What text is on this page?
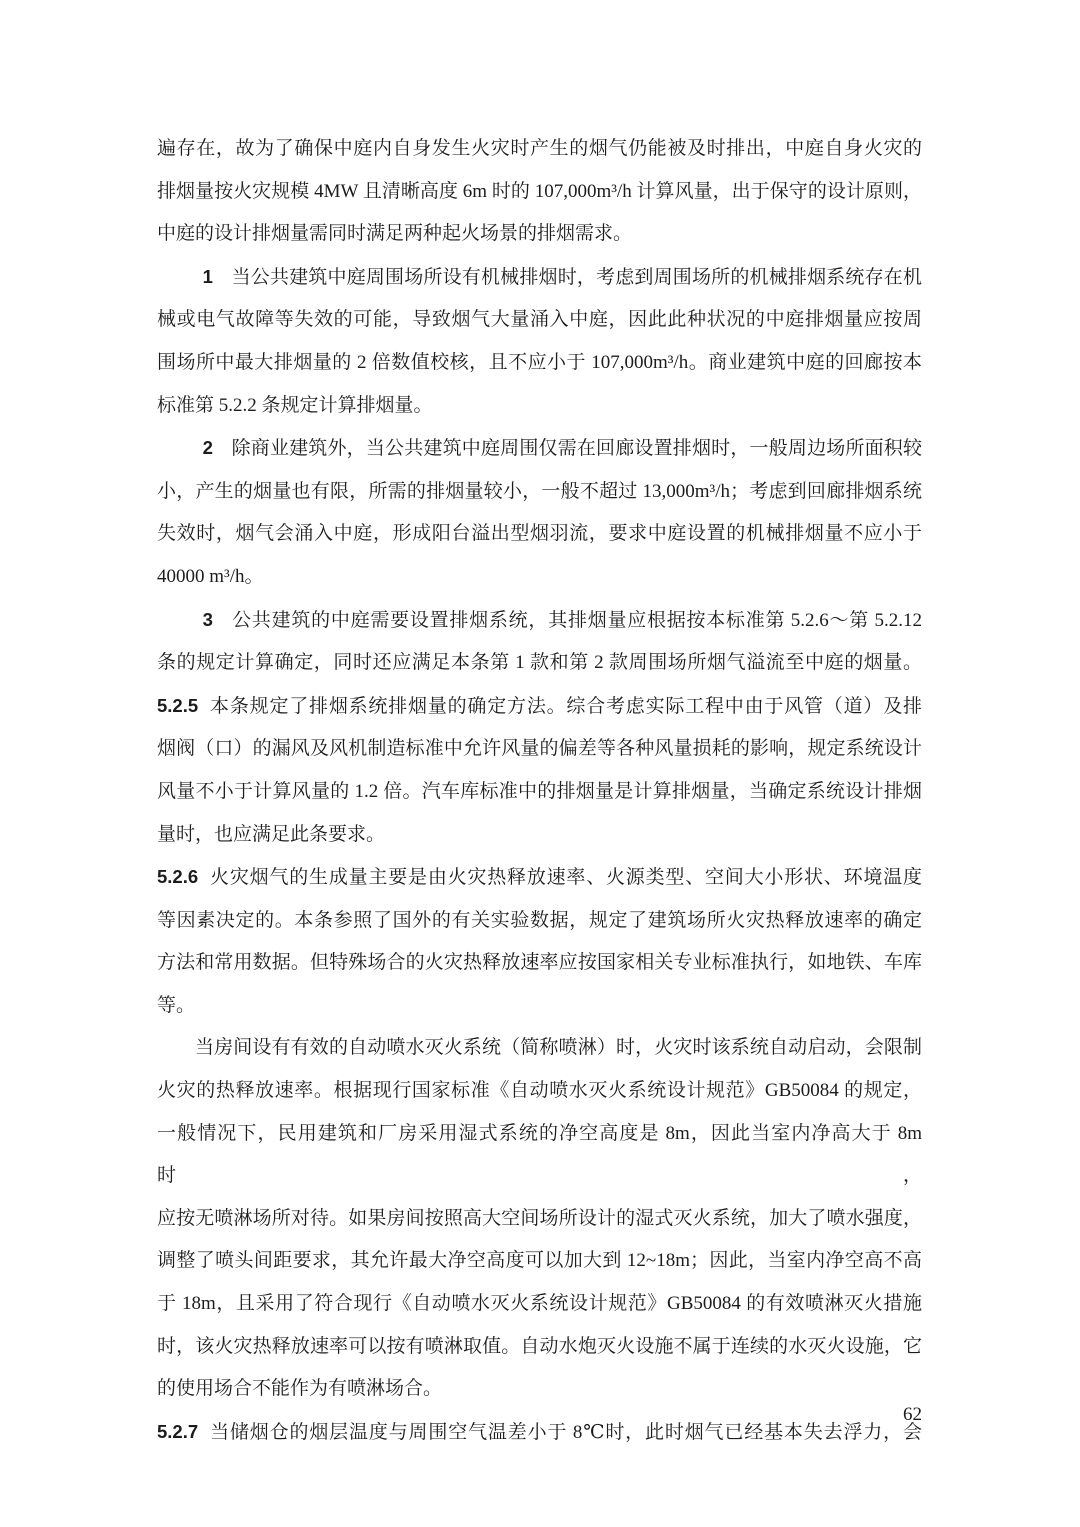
遍存在，故为了确保中庭内自身发生火灾时产生的烟气仍能被及时排出，中庭自身火灾的
排烟量按火灾规模 4MW 且清晰高度 6m 时的 107,000m³/h 计算风量，出于保守的设计原则，
中庭的设计排烟量需同时满足两种起火场景的排烟需求。
1 当公共建筑中庭周围场所设有机械排烟时，考虑到周围场所的机械排烟系统存在机
械或电气故障等失效的可能，导致烟气大量涌入中庭，因此此种状况的中庭排烟量应按周
围场所中最大排烟量的 2 倍数值校核，且不应小于 107,000m³/h。商业建筑中庭的回廊按本
标准第 5.2.2 条规定计算排烟量。
2 除商业建筑外，当公共建筑中庭周围仅需在回廊设置排烟时，一般周边场所面积较
小，产生的烟量也有限，所需的排烟量较小，一般不超过 13,000m³/h；考虑到回廊排烟系统
失效时，烟气会涌入中庭，形成阳台溢出型烟羽流，要求中庭设置的机械排烟量不应小于
40000 m³/h。
3 公共建筑的中庭需要设置排烟系统，其排烟量应根据按本标准第 5.2.6～第 5.2.12
条的规定计算确定，同时还应满足本条第 1 款和第 2 款周围场所烟气溢流至中庭的烟量。
5.2.5 本条规定了排烟系统排烟量的确定方法。综合考虑实际工程中由于风管（道）及排
烟阀（口）的漏风及风机制造标准中允许风量的偏差等各种风量损耗的影响，规定系统设计
风量不小于计算风量的 1.2 倍。汽车库标准中的排烟量是计算排烟量，当确定系统设计排烟
量时，也应满足此条要求。
5.2.6 火灾烟气的生成量主要是由火灾热释放速率、火源类型、空间大小形状、环境温度
等因素决定的。本条参照了国外的有关实验数据，规定了建筑场所火灾热释放速率的确定
方法和常用数据。但特殊场合的火灾热释放速率应按国家相关专业标准执行，如地铁、车库
等。
当房间设有有效的自动喷水灭火系统（简称喷淋）时，火灾时该系统自动启动，会限制
火灾的热释放速率。根据现行国家标准《自动喷水灭火系统设计规范》GB50084 的规定，
一般情况下，民用建筑和厂房采用湿式系统的净空高度是 8m，因此当室内净高大于 8m 时，
应按无喷淋场所对待。如果房间按照高大空间场所设计的湿式灭火系统，加大了喷水强度，
调整了喷头间距要求，其允许最大净空高度可以加大到 12~18m；因此，当室内净空高不高
于 18m，且采用了符合现行《自动喷水灭火系统设计规范》GB50084 的有效喷淋灭火措施
时，该火灾热释放速率可以按有喷淋取值。自动水炮灭火设施不属于连续的水灭火设施，它
的使用场合不能作为有喷淋场合。
5.2.7 当储烟仓的烟层温度与周围空气温差小于 8℃时，此时烟气已经基本失去浮力，会
62
